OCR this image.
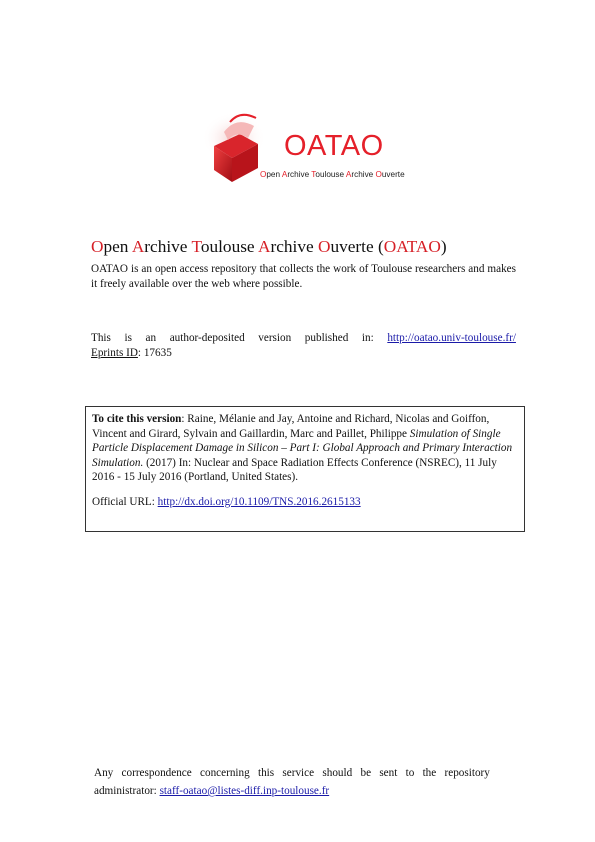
OATAO
Open Archive Toulouse Archive Ouverte
Open Archive Toulouse Archive Ouverte (OATAO)
OATAO is an open access repository that collects the work of Toulouse researchers and makes it freely available over the web where possible.
This is an author-deposited version published in: http://oatao.univ-toulouse.fr/
Eprints ID: 17635
To cite this version: Raine, Mélanie and Jay, Antoine and Richard, Nicolas and Goiffon, Vincent and Girard, Sylvain and Gaillardin, Marc and Paillet, Philippe Simulation of Single Particle Displacement Damage in Silicon – Part I: Global Approach and Primary Interaction Simulation. (2017) In: Nuclear and Space Radiation Effects Conference (NSREC), 11 July 2016 - 15 July 2016 (Portland, United States).
Official URL: http://dx.doi.org/10.1109/TNS.2016.2615133
Any correspondence concerning this service should be sent to the repository
administrator: staff-oatao@listes-diff.inp-toulouse.fr
